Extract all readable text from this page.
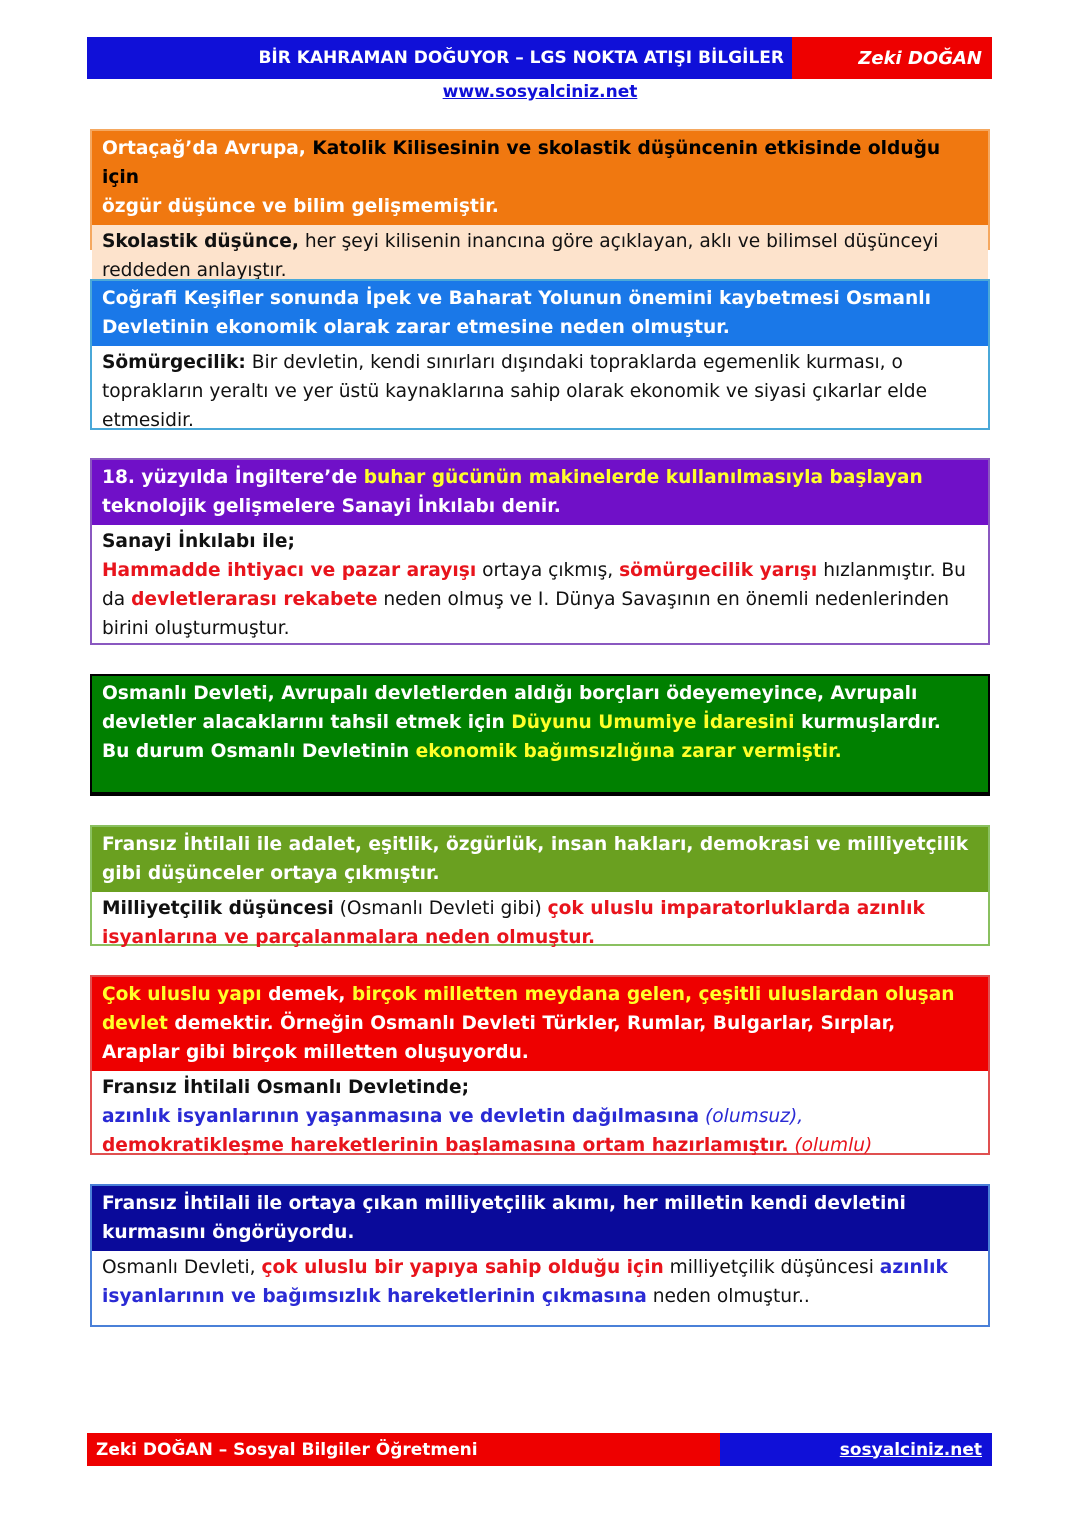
BİR KAHRAMAN DOĞUYOR – LGS NOKTA ATIŞI BİLGİLER	Zeki DOĞAN
www.sosyalciniz.net
Ortaçağ’da Avrupa, Katolik Kilisesinin ve skolastik düşüncenin etkisinde olduğu için
özgür düşünce ve bilim gelişmemiştir.
Skolastik düşünce, her şeyi kilisenin inancına göre açıklayan, aklı ve bilimsel düşünceyi reddeden anlayıştır.
Coğrafi Keşifler sonunda İpek ve Baharat Yolunun önemini kaybetmesi Osmanlı Devletinin ekonomik olarak zarar etmesine neden olmuştur.
Sömürgecilik: Bir devletin, kendi sınırları dışındaki topraklarda egemenlik kurması, o toprakların yeraltı ve yer üstü kaynaklarına sahip olarak ekonomik ve siyasi çıkarlar elde etmesidir.
18. yüzyılda İngiltere’de buhar gücünün makinelerde kullanılmasıyla başlayan
teknolojik gelişmelere Sanayi İnkılabı denir.
Sanayi İnkılabı ile;
Hammadde ihtiyacı ve pazar arayışı ortaya çıkmış, sömürgecilik yarışı hızlanmıştır. Bu da devletlerarası rekabete neden olmuş ve I. Dünya Savaşının en önemli nedenlerinden birini oluşturmuştur.
Osmanlı Devleti, Avrupalı devletlerden aldığı borçları ödeyemeyince, Avrupalı devletler alacaklarını tahsil etmek için Düyunu Umumiye İdaresini kurmuşlardır.
Bu durum Osmanlı Devletinin ekonomik bağımsızlığına zarar vermiştir.
Fransız İhtilali ile adalet, eşitlik, özgürlük, insan hakları, demokrasi ve milliyetçilik gibi düşünceler ortaya çıkmıştır.
Milliyetçilik düşüncesi (Osmanlı Devleti gibi) çok uluslu imparatorluklarda azınlık isyanlarına ve parçalanmalara neden olmuştur.
Çok uluslu yapı demek, birçok milletten meydana gelen, çeşitli uluslardan oluşan devlet demektir. Örneğin Osmanlı Devleti Türkler, Rumlar, Bulgarlar, Sırplar, Araplar gibi birçok milletten oluşuyordu.
Fransız İhtilali Osmanlı Devletinde;
azınlık isyanlarının yaşanmasına ve devletin dağılmasına (olumsuz),
demokratikleşme hareketlerinin başlamasına ortam hazırlamıştır. (olumlu)
Fransız İhtilali ile ortaya çıkan milliyetçilik akımı, her milletin kendi devletini kurmasını öngörüyordu.
Osmanlı Devleti, çok uluslu bir yapıya sahip olduğu için milliyetçilik düşüncesi azınlık isyanlarının ve bağımsızlık hareketlerinin çıkmasına neden olmuştur..
Zeki DOĞAN – Sosyal Bilgiler Öğretmeni	sosyalciniz.net
